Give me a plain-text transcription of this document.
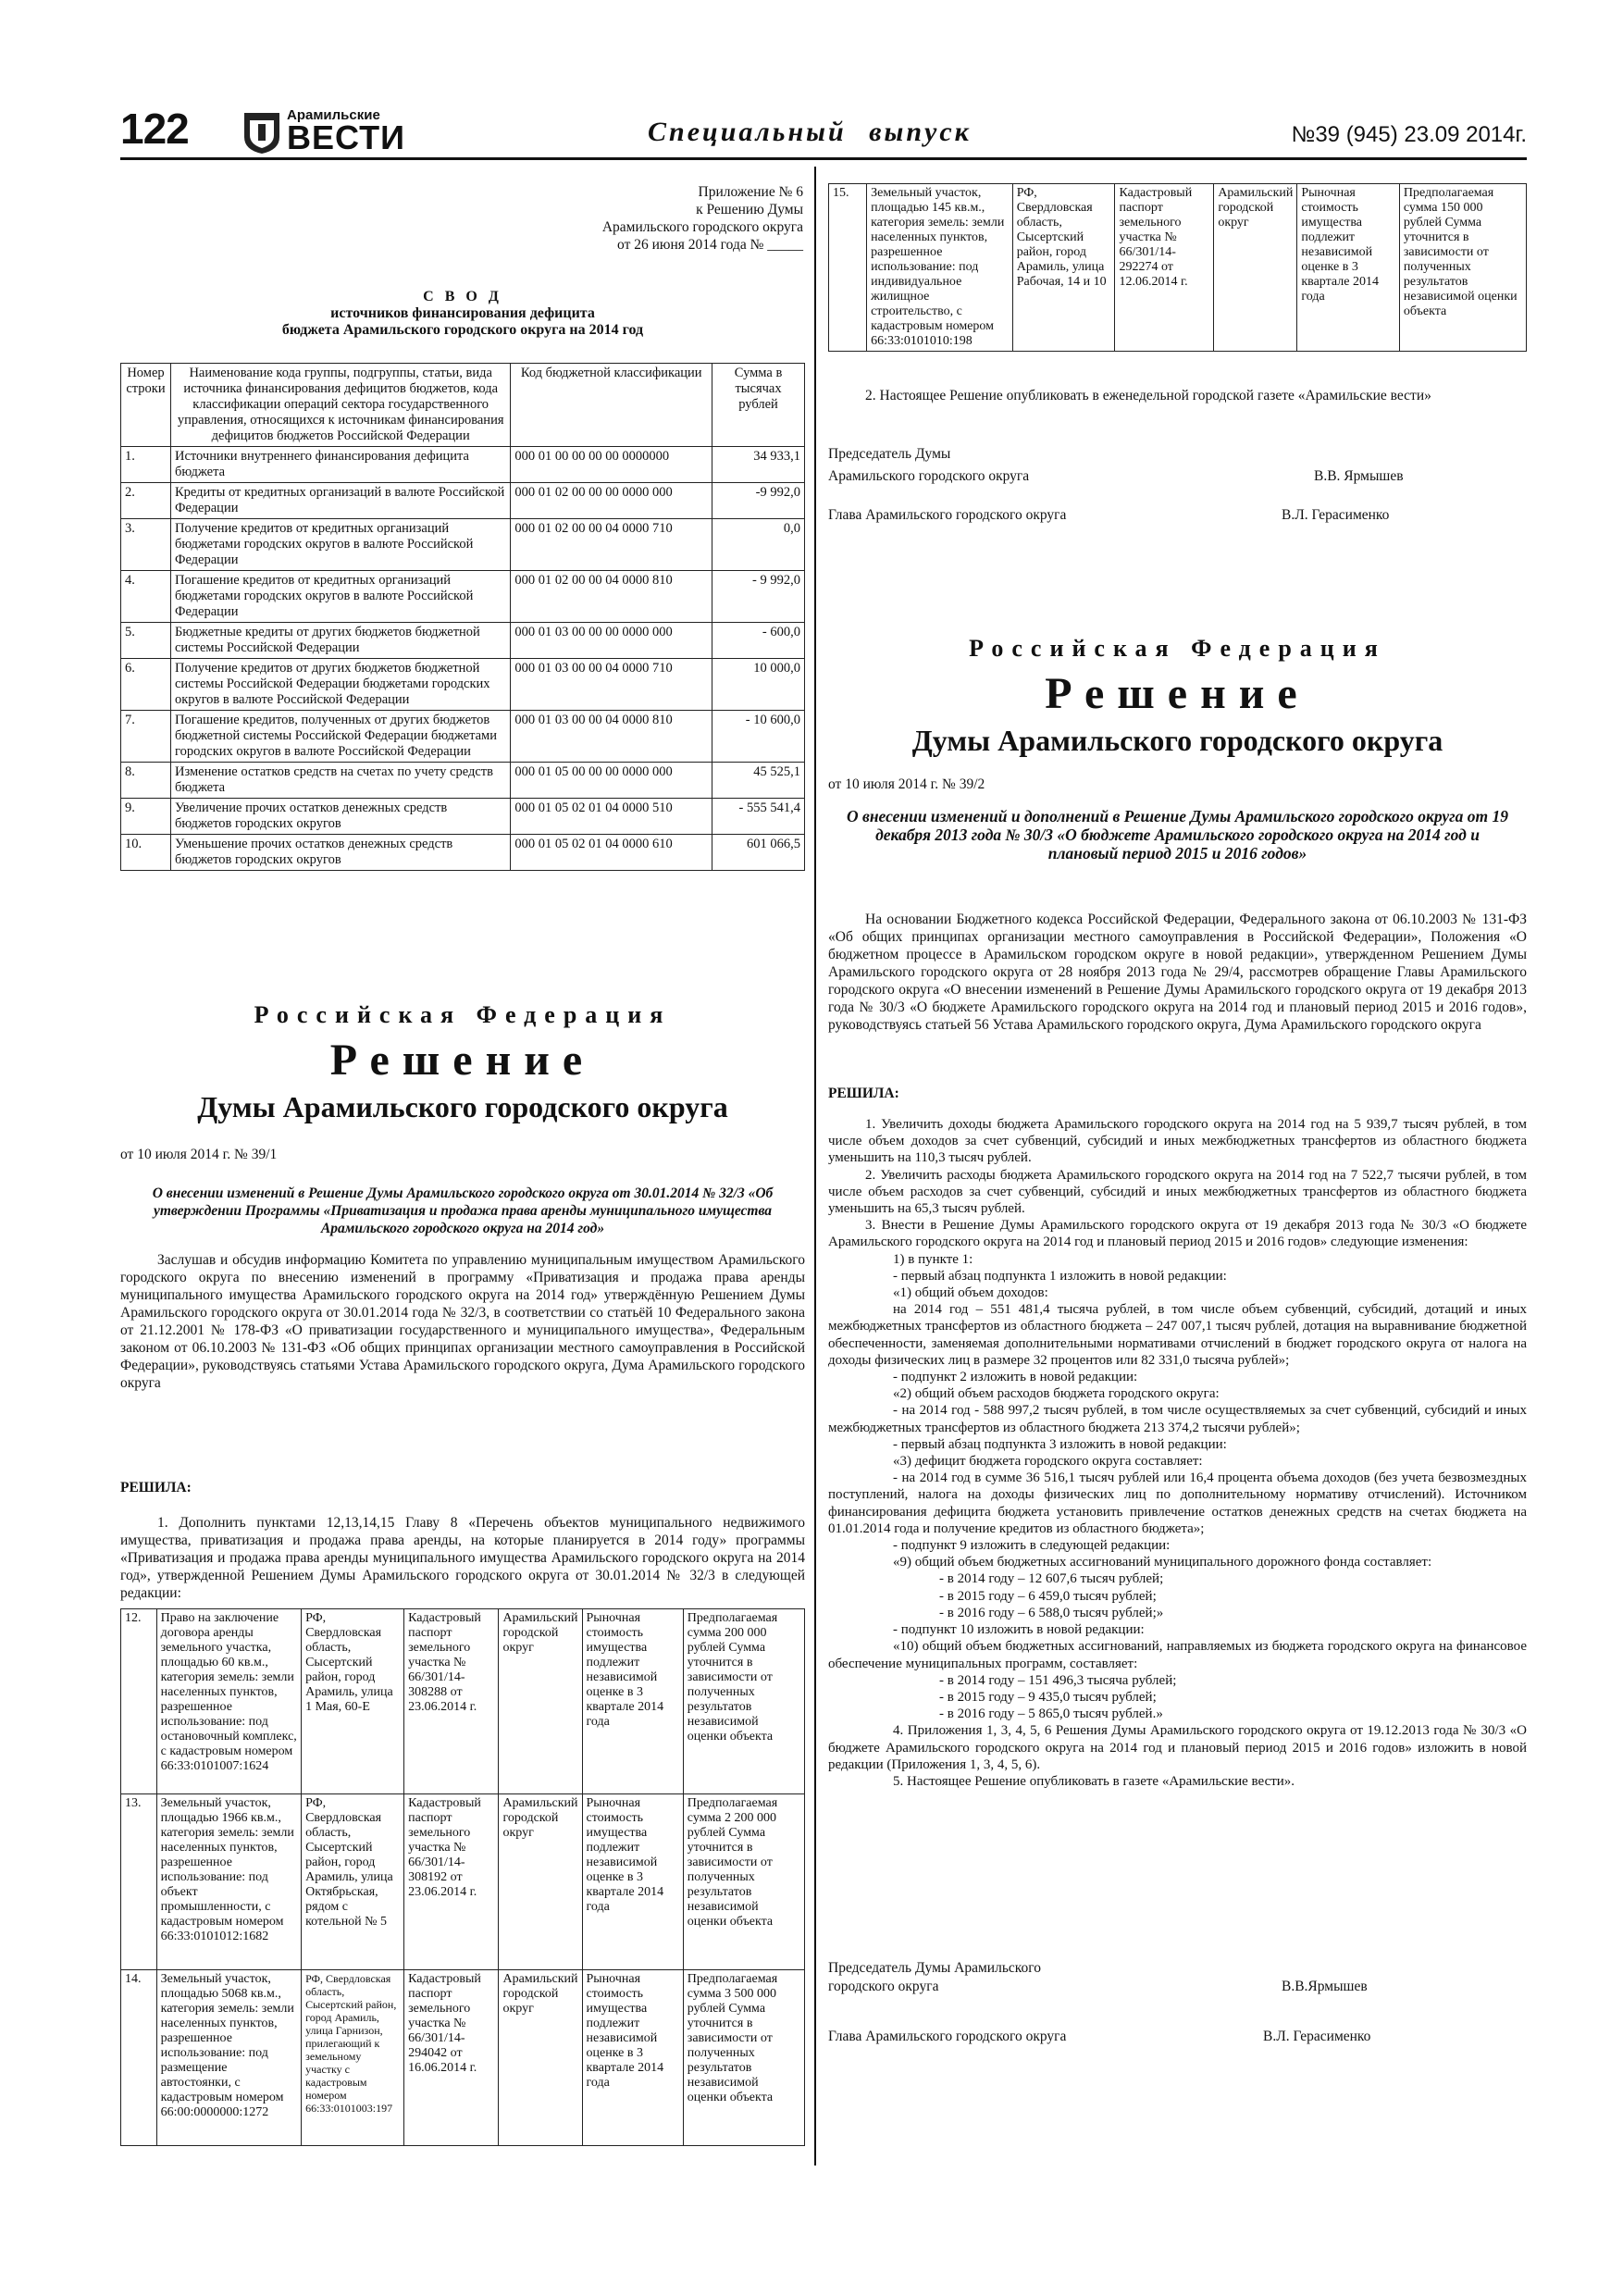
122	Арамильские
ВЕСТИ	Специальный выпуск	№39 (945) 23.09 2014г.
Приложение № 6
к Решению Думы
Арамильского городского округа
от 26 июня 2014 года № _____
С В О Д
источников финансирования дефицита
бюджета Арамильского городского округа на 2014 год
Номер строки	Наименование кода группы, подгруппы, статьи, вида источника финансирования дефицитов бюджетов, кода классификации операций сектора государственного управления, относящихся к источникам финансирования дефицитов бюджетов Российской Федерации	Код бюджетной классификации	Сумма в тысячах рублей
1.	Источники внутреннего финансирования дефицита бюджета	000 01 00 00 00 00 0000000	34 933,1
2.	Кредиты от кредитных организаций в валюте Российской Федерации	000 01 02 00 00 00 0000 000	-9 992,0
3.	Получение кредитов от кредитных организаций бюджетами городских округов в валюте Российской Федерации	000 01 02 00 00 04 0000 710	0,0
4.	Погашение кредитов от кредитных организаций бюджетами городских округов в валюте Российской Федерации	000 01 02 00 00 04 0000 810	- 9 992,0
5.	Бюджетные кредиты от других бюджетов бюджетной системы Российской Федерации	000 01 03 00 00 00 0000 000	- 600,0
6.	Получение кредитов от других бюджетов бюджетной системы Российской Федерации бюджетами городских округов в валюте Российской Федерации	000 01 03 00 00 04 0000 710	10 000,0
7.	Погашение кредитов, полученных от других бюджетов бюджетной системы Российской Федерации бюджетами городских округов в валюте Российской Федерации	000 01 03 00 00 04 0000 810	- 10 600,0
8.	Изменение остатков средств на счетах по учету средств бюджета	000 01 05 00 00 00 0000 000	45 525,1
9.	Увеличение прочих остатков денежных средств бюджетов городских округов	000 01 05 02 01 04 0000 510	- 555 541,4
10.	Уменьшение прочих остатков денежных средств бюджетов городских округов	000 01 05 02 01 04 0000 610	601 066,5
Российская Федерация
Решение
Думы Арамильского городского округа
от 10 июля 2014 г. № 39/1
О внесении изменений в Решение Думы Арамильского городского округа от 30.01.2014 № 32/3 «Об утверждении Программы «Приватизация и продажа права аренды муниципального имущества Арамильского городского округа на 2014 год»

Заслушав и обсудив информацию Комитета по управлению муниципальным имуществом Арамильского городского округа по внесению изменений в программу «Приватизация и продажа права аренды муниципального имущества Арамильского городского округа на 2014 год» утверждённую Решением Думы Арамильского городского округа от 30.01.2014 года № 32/3, в соответствии со статьёй 10 Федерального закона от 21.12.2001 № 178-ФЗ «О приватизации государственного и муниципального имущества», Федеральным законом от 06.10.2003 № 131-ФЗ «Об общих принципах организации местного самоуправления в Российской Федерации», руководствуясь статьями Устава Арамильского городского округа, Дума Арамильского городского округа

РЕШИЛА:

1. Дополнить пунктами 12,13,14,15 Главу 8 «Перечень объектов муниципального недвижимого имущества, приватизация и продажа права аренды, на которые планируется в 2014 году» программы «Приватизация и продажа права аренды муниципального имущества Арамильского городского округа на 2014 год», утвержденной Решением Думы Арамильского городского округа от 30.01.2014 № 32/3 в следующей редакции:

12.	Право на заключение договора аренды земельного участка, площадью 60 кв.м., категория земель: земли населенных пунктов, разрешенное использование: под остановочный комплекс, с кадастровым номером 66:33:0101007:1624	РФ, Свердловская область, Сысертский район, город Арамиль, улица 1 Мая, 60-Е	Кадастровый паспорт земельного участка № 66/301/14-308288 от 23.06.2014 г.	Арамильский городской округ	Рыночная стоимость имущества подлежит независимой оценке в 3 квартале 2014 года	Предполагаемая сумма 200 000 рублей Сумма уточнится в зависимости от полученных результатов независимой оценки объекта
13.	Земельный участок, площадью 1966 кв.м., категория земель: земли населенных пунктов, разрешенное использование: под объект промышленности, с кадастровым номером 66:33:0101012:1682	РФ, Свердловская область, Сысертский район, город Арамиль, улица Октябрьская, рядом с котельной № 5	Кадастровый паспорт земельного участка № 66/301/14-308192 от 23.06.2014 г.	Арамильский городской округ	Рыночная стоимость имущества подлежит независимой оценке в 3 квартале 2014 года	Предполагаемая сумма 2 200 000 рублей Сумма уточнится в зависимости от полученных результатов независимой оценки объекта
14.	Земельный участок, площадью 5068 кв.м., категория земель: земли населенных пунктов, разрешенное использование: под размещение автостоянки, с кадастровым номером 66:00:0000000:1272	РФ, Свердловская область, Сысертский район, город Арамиль, улица Гарнизон, прилегающий к земельному участку с кадастровым номером 66:33:0101003:197	Кадастровый паспорт земельного участка № 66/301/14-294042 от 16.06.2014 г.	Арамильский городской округ	Рыночная стоимость имущества подлежит независимой оценке в 3 квартале 2014 года	Предполагаемая сумма 3 500 000 рублей Сумма уточнится в зависимости от полученных результатов независимой оценки объекта
15.	Земельный участок, площадью 145 кв.м., категория земель: земли населенных пунктов, разрешенное использование: под индивидуальное жилищное строительство, с кадастровым номером 66:33:0101010:198	РФ, Свердловская область, Сысертский район, город Арамиль, улица Рабочая, 14 и 10	Кадастровый паспорт земельного участка № 66/301/14-292274 от 12.06.2014 г.	Арамильский городской округ	Рыночная стоимость имущества подлежит независимой оценке в 3 квартале 2014 года	Предполагаемая сумма 150 000 рублей Сумма уточнится в зависимости от полученных результатов независимой оценки объекта

2. Настоящее Решение опубликовать в еженедельной городской газете «Арамильские вести»

Председатель Думы
Арамильского городского округа	В.В. Ярмышев
Глава Арамильского городского округа	В.Л. Герасименко
Российская Федерация
Решение
Думы Арамильского городского округа
от 10 июля 2014 г. № 39/2
О внесении изменений и дополнений в Решение Думы Арамильского городского округа от 19 декабря 2013 года № 30/3 «О бюджете Арамильского городского округа на 2014 год и плановый период 2015 и 2016 годов»

На основании Бюджетного кодекса Российской Федерации, Федерального закона от 06.10.2003 № 131-ФЗ «Об общих принципах организации местного самоуправления в Российской Федерации», Положения «О бюджетном процессе в Арамильском городском округе в новой редакции», утвержденном Решением Думы Арамильского городского округа от 28 ноября 2013 года № 29/4, рассмотрев обращение Главы Арамильского городского округа «О внесении изменений в Решение Думы Арамильского городского округа от 19 декабря 2013 года № 30/3 «О бюджете Арамильского городского округа на 2014 год и плановый период 2015 и 2016 годов», руководствуясь статьей 56 Устава Арамильского городского округа, Дума Арамильского городского округа

РЕШИЛА:

1. Увеличить доходы бюджета Арамильского городского округа на 2014 год на 5 939,7 тысяч рублей, в том числе объем доходов за счет субвенций, субсидий и иных межбюджетных трансфертов из областного бюджета уменьшить на 110,3 тысяч рублей.

2. Увеличить расходы бюджета Арамильского городского округа на 2014 год на 7 522,7 тысячи рублей, в том числе объем расходов за счет субвенций, субсидий и иных межбюджетных трансфертов из областного бюджета уменьшить на 65,3 тысяч рублей.

3. Внести в Решение Думы Арамильского городского округа от 19 декабря 2013 года № 30/3 «О бюджете Арамильского городского округа на 2014 год и плановый период 2015 и 2016 годов» следующие изменения:

1) в пункте 1:

- первый абзац подпункта 1 изложить в новой редакции:

«1) общий объем доходов:

на 2014 год – 551 481,4 тысяча рублей, в том числе объем субвенций, субсидий, дотаций и иных межбюджетных трансфертов из областного бюджета – 247 007,1 тысяч рублей, дотация на выравнивание бюджетной обеспеченности, заменяемая дополнительными нормативами отчислений в бюджет городского округа от налога на доходы физических лиц в размере 32 процентов или 82 331,0 тысяча рублей»;

- подпункт 2 изложить в новой редакции:

«2) общий объем расходов бюджета городского округа:

- на 2014 год - 588 997,2 тысяч рублей, в том числе осуществляемых за счет субвенций, субсидий и иных межбюджетных трансфертов из областного бюджета 213 374,2 тысячи рублей»;

- первый абзац подпункта 3 изложить в новой редакции:

«3) дефицит бюджета городского округа составляет:

- на 2014 год в сумме 36 516,1 тысяч рублей или 16,4 процента объема доходов (без учета безвозмездных поступлений, налога на доходы физических лиц по дополнительному нормативу отчислений). Источником финансирования дефицита бюджета установить привлечение остатков денежных средств на счетах бюджета на 01.01.2014 года и получение кредитов из областного бюджета»;

- подпункт 9 изложить в следующей редакции:

«9) общий объем бюджетных ассигнований муниципального дорожного фонда составляет:

- в 2014 году – 12 607,6 тысяч рублей;

- в 2015 году – 6 459,0 тысяч рублей;

- в 2016 году – 6 588,0 тысяч рублей;»

- подпункт 10 изложить в новой редакции:

«10) общий объем бюджетных ассигнований, направляемых из бюджета городского округа на финансовое обеспечение муниципальных программ, составляет:

- в 2014 году – 151 496,3 тысяча рублей;

- в 2015 году – 9 435,0 тысяч рублей;

- в 2016 году – 5 865,0 тысяч рублей.»

4. Приложения 1, 3, 4, 5, 6 Решения Думы Арамильского городского округа от 19.12.2013 года № 30/3 «О бюджете Арамильского городского округа на 2014 год и плановый период 2015 и 2016 годов» изложить в новой редакции (Приложения 1, 3, 4, 5, 6).

5. Настоящее Решение опубликовать в газете «Арамильские вести».

Председатель Думы Арамильского
городского округа	В.В.Ярмышев
Глава Арамильского городского округа	В.Л. Герасименко
